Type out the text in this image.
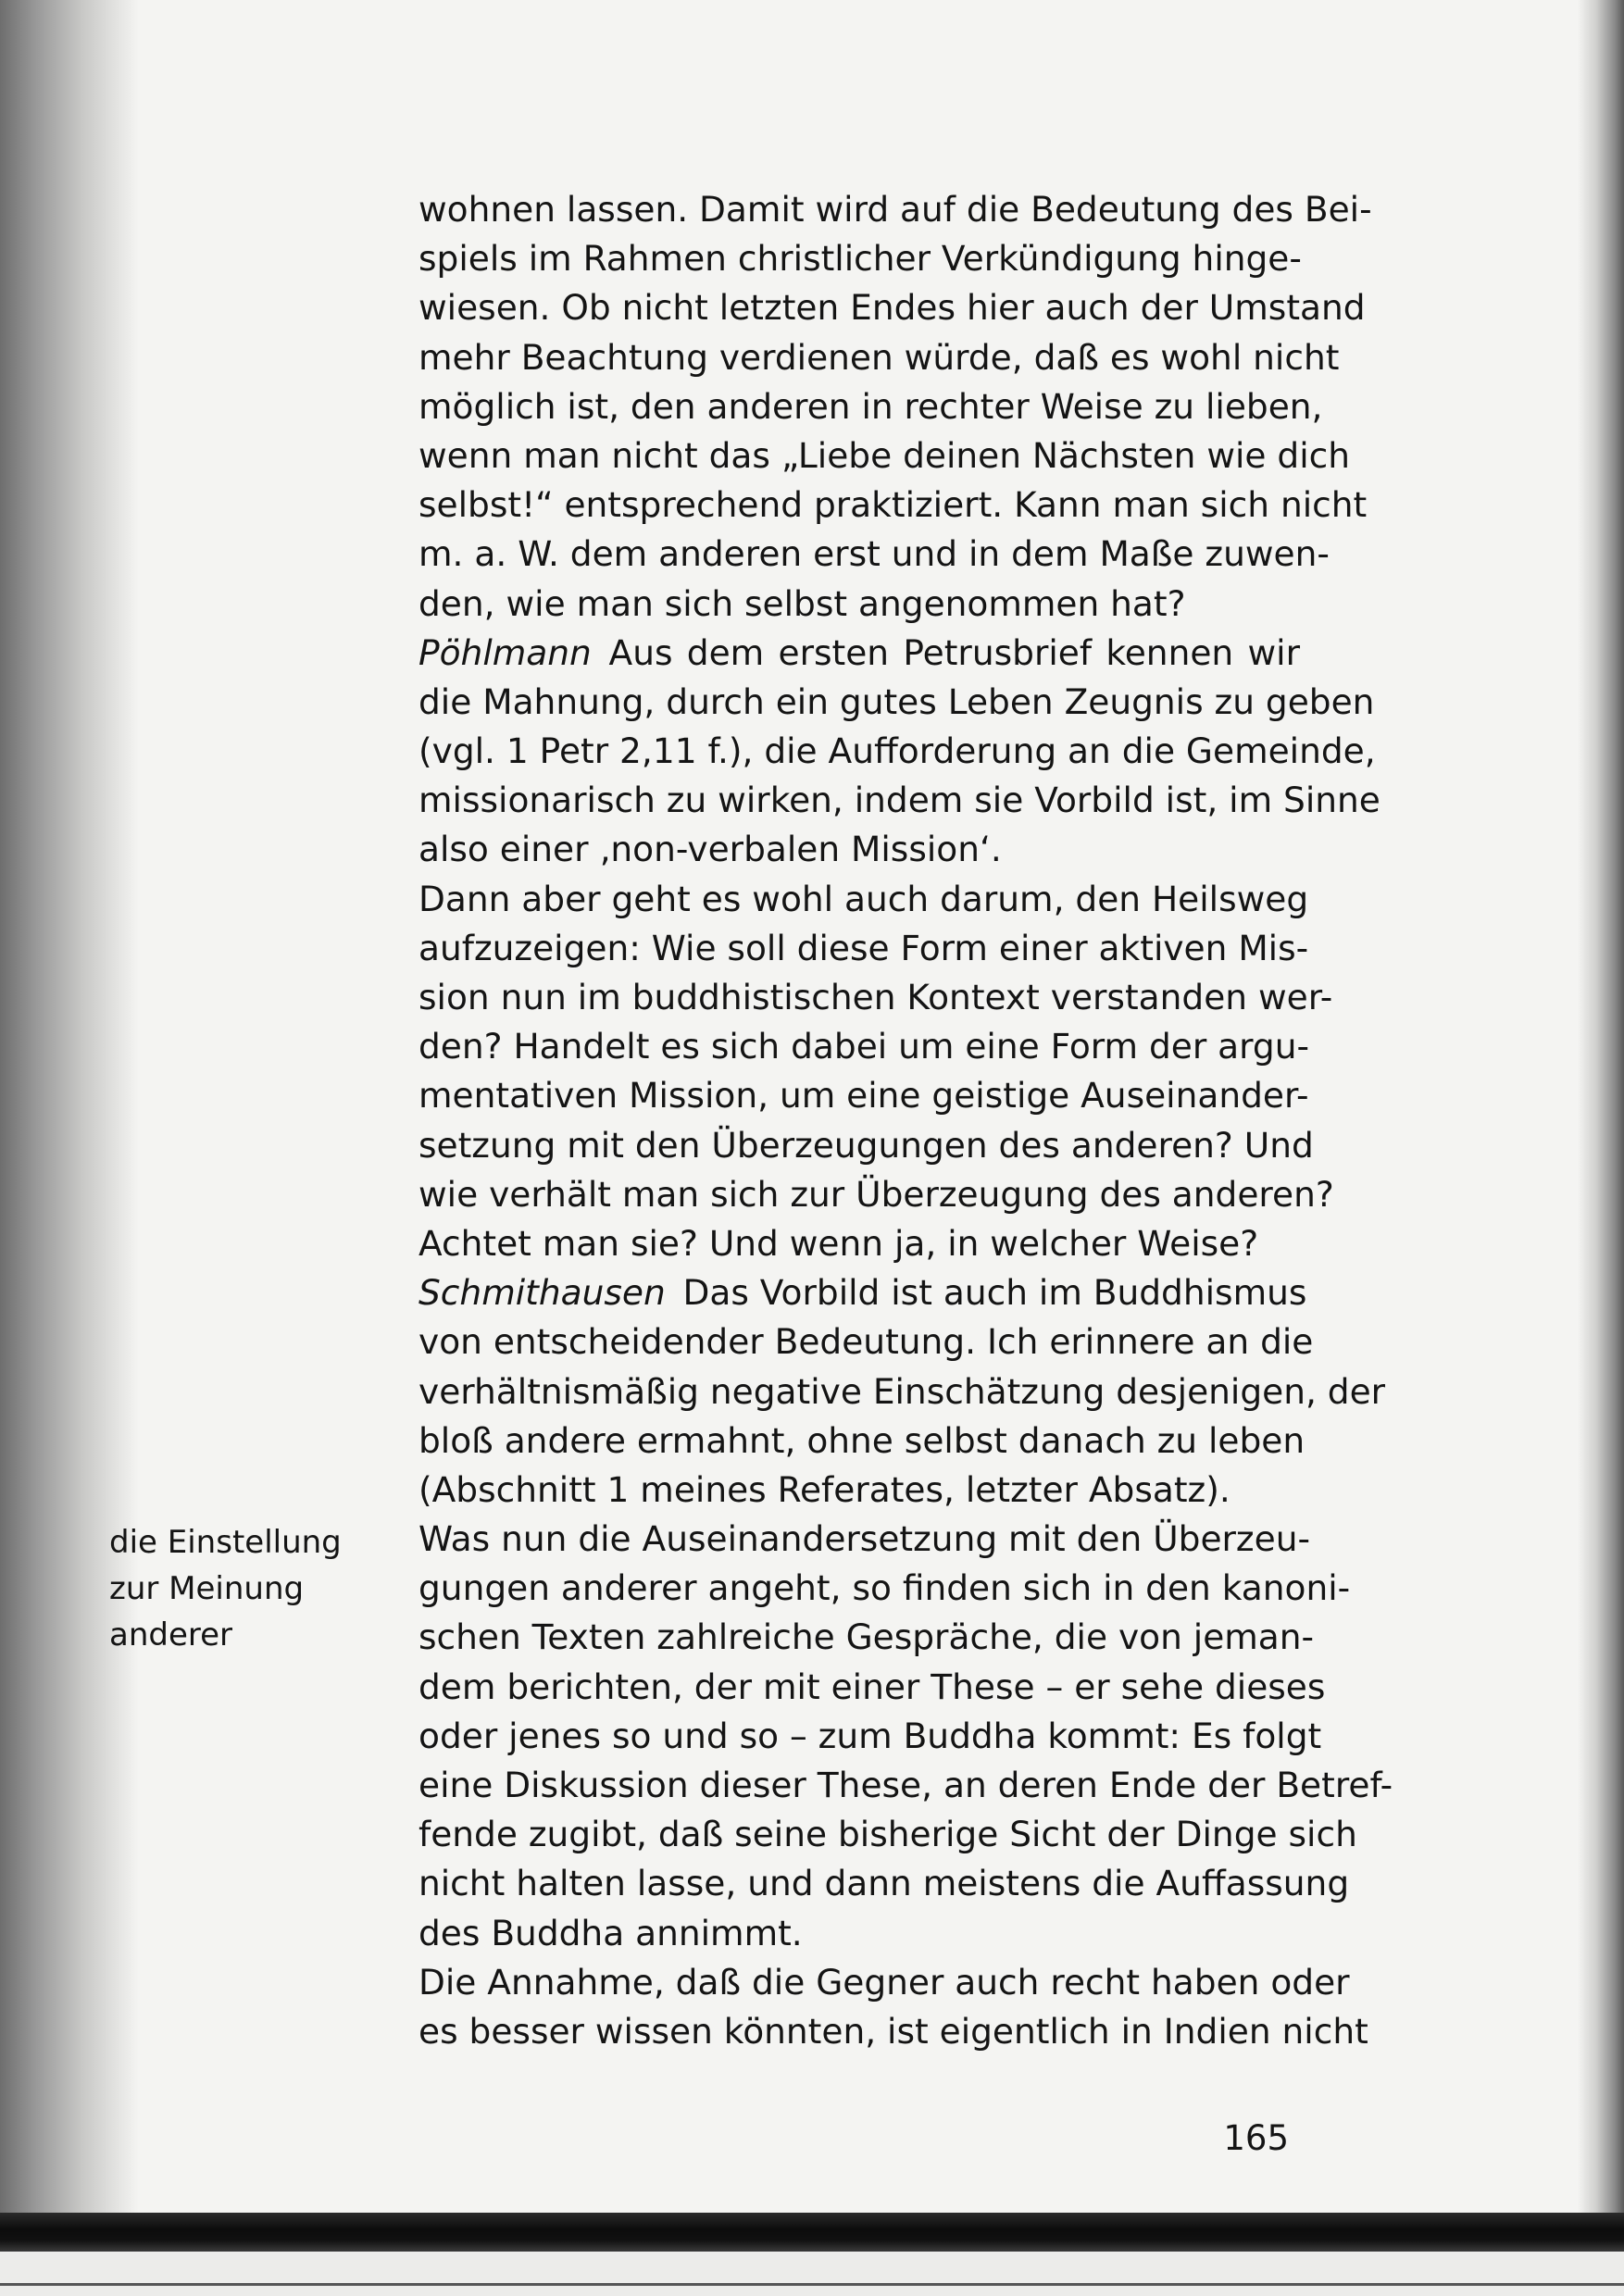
wohnen lassen. Damit wird auf die Bedeutung des Bei-
spiels im Rahmen christlicher Verkündigung hinge-
wiesen. Ob nicht letzten Endes hier auch der Umstand
mehr Beachtung verdienen würde, daß es wohl nicht
möglich ist, den anderen in rechter Weise zu lieben,
wenn man nicht das „Liebe deinen Nächsten wie dich
selbst!“ entsprechend praktiziert. Kann man sich nicht
m. a. W. dem anderen erst und in dem Maße zuwen-
den, wie man sich selbst angenommen hat?
Pöhlmann  Aus dem ersten Petrusbrief kennen wir
die Mahnung, durch ein gutes Leben Zeugnis zu geben
(vgl. 1 Petr 2,11 f.), die Aufforderung an die Gemeinde,
missionarisch zu wirken, indem sie Vorbild ist, im Sinne
also einer ‚non-verbalen Mission‘.
Dann aber geht es wohl auch darum, den Heilsweg
aufzuzeigen: Wie soll diese Form einer aktiven Mis-
sion nun im buddhistischen Kontext verstanden wer-
den? Handelt es sich dabei um eine Form der argu-
mentativen Mission, um eine geistige Auseinander-
setzung mit den Überzeugungen des anderen? Und
wie verhält man sich zur Überzeugung des anderen?
Achtet man sie? Und wenn ja, in welcher Weise?
Schmithausen  Das Vorbild ist auch im Buddhismus
von entscheidender Bedeutung. Ich erinnere an die
verhältnismäßig negative Einschätzung desjenigen, der
bloß andere ermahnt, ohne selbst danach zu leben
(Abschnitt 1 meines Referates, letzter Absatz).
Was nun die Auseinandersetzung mit den Überzeu-
gungen anderer angeht, so finden sich in den kanoni-
schen Texten zahlreiche Gespräche, die von jeman-
dem berichten, der mit einer These – er sehe dieses
oder jenes so und so – zum Buddha kommt: Es folgt
eine Diskussion dieser These, an deren Ende der Betref-
fende zugibt, daß seine bisherige Sicht der Dinge sich
nicht halten lasse, und dann meistens die Auffassung
des Buddha annimmt.
Die Annahme, daß die Gegner auch recht haben oder
es besser wissen könnten, ist eigentlich in Indien nicht
die Einstellung
zur Meinung
anderer
165
